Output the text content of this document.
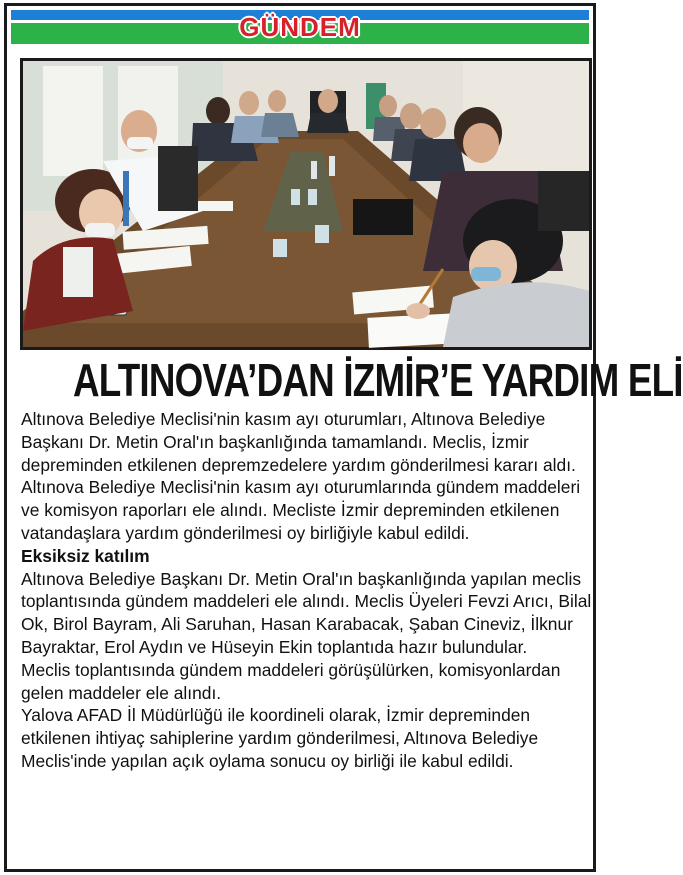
GÜNDEM
ALTINOVA’DAN İZMİR’E YARDIM ELİ

Altınova Belediye Meclisi'nin kasım ayı oturumları, Altınova Belediye Başkanı Dr. Metin Oral'ın başkanlığında tamamlandı. Meclis, İzmir depreminden etkilenen depremzedelere yardım gönderilmesi kararı aldı.

Altınova Belediye Meclisi'nin kasım ayı oturumlarında gündem maddeleri ve komisyon raporları ele alındı. Mecliste İzmir depreminden etkilenen vatandaşlara yardım gönderilmesi oy birliğiyle kabul edildi.

Eksiksiz katılım

Altınova Belediye Başkanı Dr. Metin Oral'ın başkanlığında yapılan meclis toplantısında gündem maddeleri ele alındı. Meclis Üyeleri Fevzi Arıcı, Bilal Ok, Birol Bayram, Ali Saruhan, Hasan Karabacak, Şaban Cineviz, İlknur Bayraktar, Erol Aydın ve Hüseyin Ekin toplantıda hazır bulundular.

Meclis toplantısında gündem maddeleri görüşülürken, komisyonlardan gelen maddeler ele alındı.

Yalova AFAD İl Müdürlüğü ile koordineli olarak, İzmir depreminden etkilenen ihtiyaç sahiplerine yardım gönderilmesi, Altınova Belediye Meclis'inde yapılan açık oylama sonucu oy birliği ile kabul edildi.
